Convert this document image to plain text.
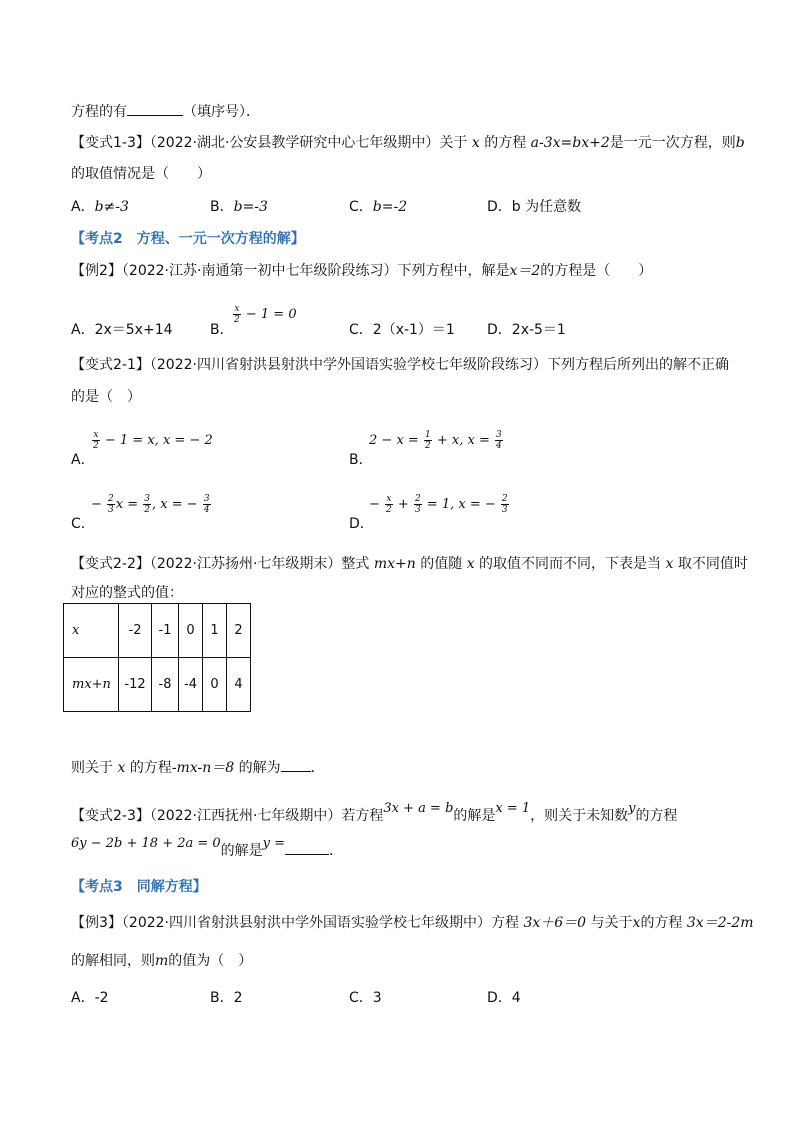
方程的有	（填序号）．
【变式1-3】（2022·湖北·公安县教学研究中心七年级期中）关于 x 的方程 a-3x=bx+2是一元一次方程，则b
的取值情况是（　　）
A．b≠-3	B．b=-3	C．b=-2	D．b 为任意数
【考点2　方程、一元一次方程的解】
【例2】（2022·江苏·南通第一初中七年级阶段练习）下列方程中，解是x＝2的方程是（　　）
A．2x＝5x+14	B．
$\frac{x}{2} - 1 = 0$
C．2（x-1）＝1 D．2x-5＝1
【变式2-1】（2022·四川省射洪县射洪中学外国语实验学校七年级阶段练习）下列方程后所列出的解不正确
的是（　）
A．
$\frac{x}{2} - 1 = x$, x = − 2
B．
$2 - x = \frac{1}{2} + x$, $x = \frac{3}{4}$
C．
− $\frac{2}{3}$ $x = \frac{3}{2}$ , x = − $\frac{3}{4}$
D．
− $\frac{x}{2} + \frac{2}{3} = 1$, x = − $\frac{2}{3}$
【变式2-2】（2022·江苏扬州·七年级期末）整式 mx+n 的值随 x 的取值不同而不同，下表是当 x 取不同值时
对应的整式的值：
x	-2	-1	0	1	2
mx+n	-12	-8	-4	0	4
则关于 x 的方程-mx-n＝8 的解为 ．
【变式2-3】（2022·江西抚州·七年级期中）若方程3x + a = b的解是x = 1，则关于未知数y的方程
6y − 2b + 18 + 2a = 0的解是y =	．
【考点3　同解方程】
【例3】（2022·四川省射洪县射洪中学外国语实验学校七年级期中）方程 3x＋6＝0 与关于x的方程 3x＝2-2m
的解相同，则m的值为（　）
A．-2	B．2	C．3	D．4
